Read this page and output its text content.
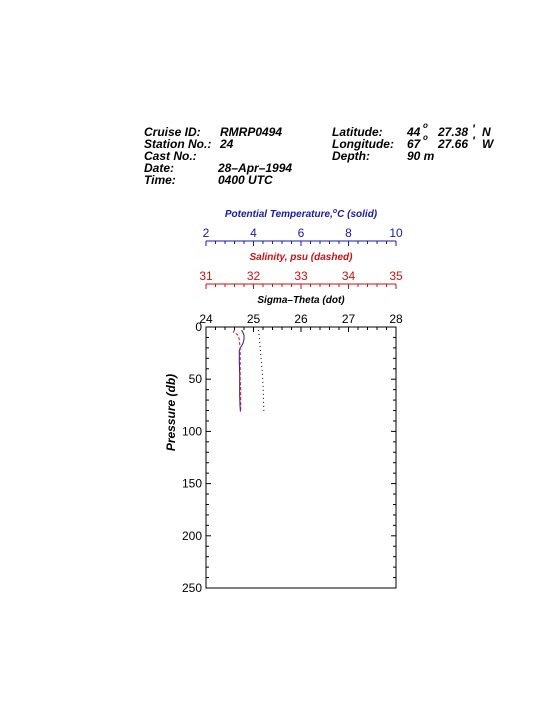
Cruise ID: RMRP0494
Station No.: 24
Cast No.:
Date:	28–Apr–1994
Time:	0400 UTC
Latitude: 44 o 27.38 ' N
Longitude: 67 o 27.66 ' W
Depth:	90 m
2	4	6	8	10
Potential Temperature,$^o$C (solid)
31	32	33	34	35
Salinity, psu (dashed)
24	25	26	27	28
Sigma–Theta (dot)
0
50
100
150
200
250
Pressure (db)
